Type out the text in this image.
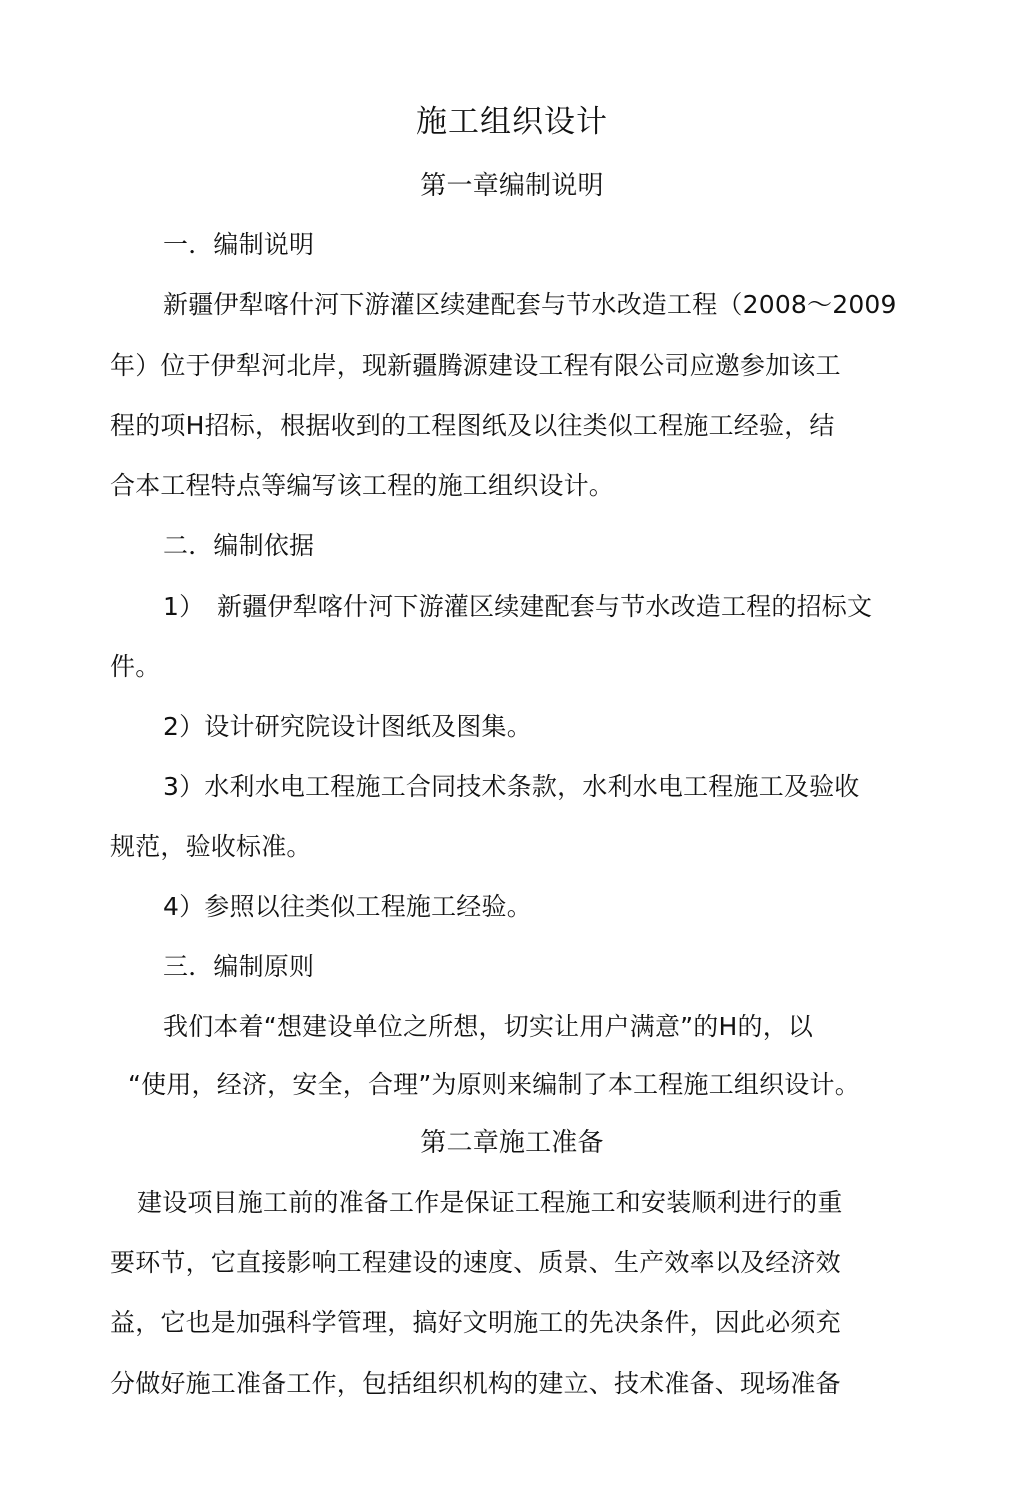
施工组织设计
第一章编制说明
一．编制说明
新疆伊犁喀什河下游灌区续建配套与节水改造工程（2008～2009
年）位于伊犁河北岸，现新疆腾源建设工程有限公司应邀参加该工
程的项H招标，根据收到的工程图纸及以往类似工程施工经验，结
合本工程特点等编写该工程的施工组织设计。
二．编制依据
1）　新疆伊犁喀什河下游灌区续建配套与节水改造工程的招标文
件。
2）设计研究院设计图纸及图集。
3）水利水电工程施工合同技术条款，水利水电工程施工及验收
规范，验收标准。
4）参照以往类似工程施工经验。
三．编制原则
我们本着“想建设单位之所想，切实让用户满意”的H的，以
“使用，经济，安全，合理”为原则来编制了本工程施工组织设计。
第二章施工准备
建设项目施工前的准备工作是保证工程施工和安装顺利进行的重
要环节，它直接影响工程建设的速度、质景、生产效率以及经济效
益，它也是加强科学管理，搞好文明施工的先决条件，因此必须充
分做好施工准备工作，包括组织机构的建立、技术准备、现场准备
